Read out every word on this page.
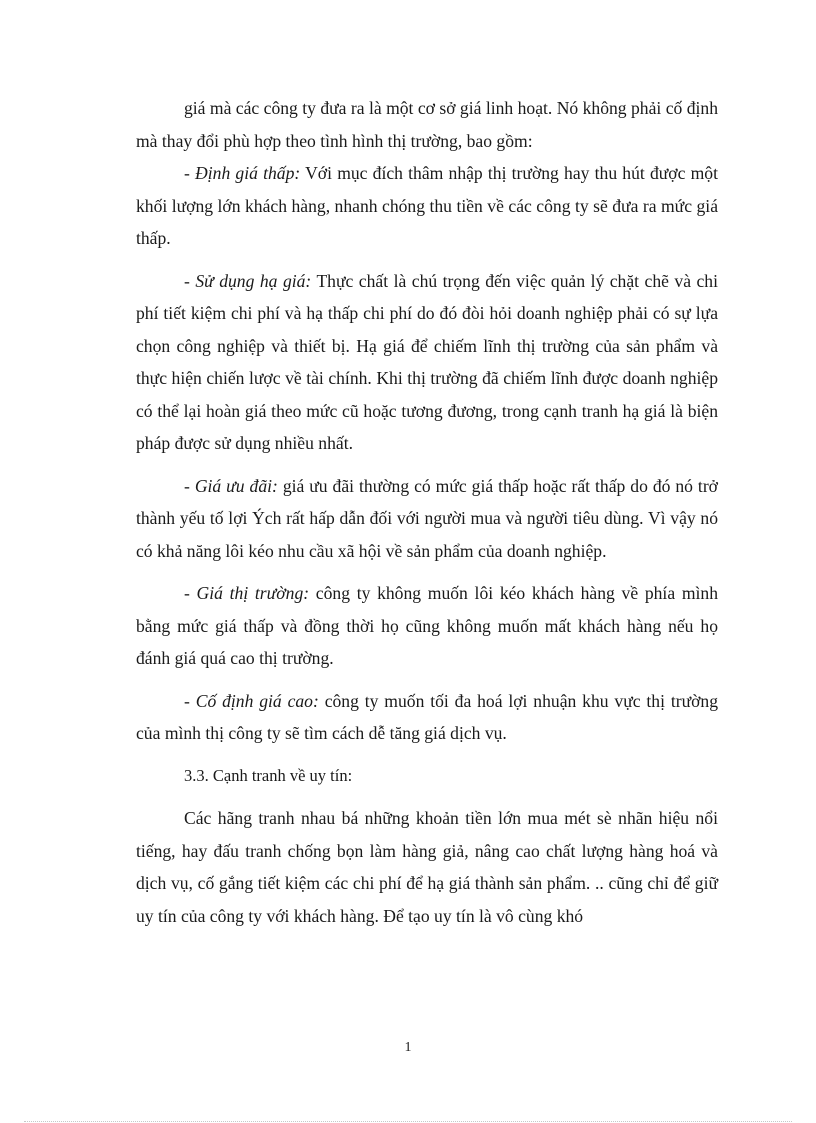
giá mà các công ty đưa ra là một cơ sở giá linh hoạt. Nó không phải cố định mà thay đổi phù hợp theo tình hình thị trường, bao gồm:

- Định giá thấp: Với mục đích thâm nhập thị trường hay thu hút được một khối lượng lớn khách hàng, nhanh chóng thu tiền về các công ty sẽ đưa ra mức giá thấp.

- Sử dụng hạ giá: Thực chất là chú trọng đến việc quản lý chặt chẽ và chi phí tiết kiệm chi phí và hạ thấp chi phí do đó đòi hỏi doanh nghiệp phải có sự lựa chọn công nghiệp và thiết bị. Hạ giá để chiếm lĩnh thị trường của sản phẩm và thực hiện chiến lược về tài chính. Khi thị trường đã chiếm lĩnh được doanh nghiệp có thể lại hoàn giá theo mức cũ hoặc tương đương, trong cạnh tranh hạ giá là biện pháp được sử dụng nhiều nhất.

- Giá ưu đãi: giá ưu đãi thường có mức giá thấp hoặc rất thấp do đó nó trở thành yếu tố lợi Ých rất hấp dẫn đối với người mua và người tiêu dùng. Vì vậy nó có khả năng lôi kéo nhu cầu xã hội về sản phẩm của doanh nghiệp.

- Giá thị trường: công ty không muốn lôi kéo khách hàng về phía mình bằng mức giá thấp và đồng thời họ cũng không muốn mất khách hàng nếu họ đánh giá quá cao thị trường.

- Cố định giá cao: công ty muốn tối đa hoá lợi nhuận khu vực thị trường của mình thị công ty sẽ tìm cách dễ tăng giá dịch vụ.

3.3. Cạnh tranh về uy tín:

Các hãng tranh nhau bá những khoản tiền lớn mua mét sè nhãn hiệu nổi tiếng, hay đấu tranh chống bọn làm hàng giả, nâng cao chất lượng hàng hoá và dịch vụ, cố gắng tiết kiệm các chi phí để hạ giá thành sản phẩm. .. cũng chỉ để giữ uy tín của công ty với khách hàng. Để tạo uy tín là vô cùng khó

1
